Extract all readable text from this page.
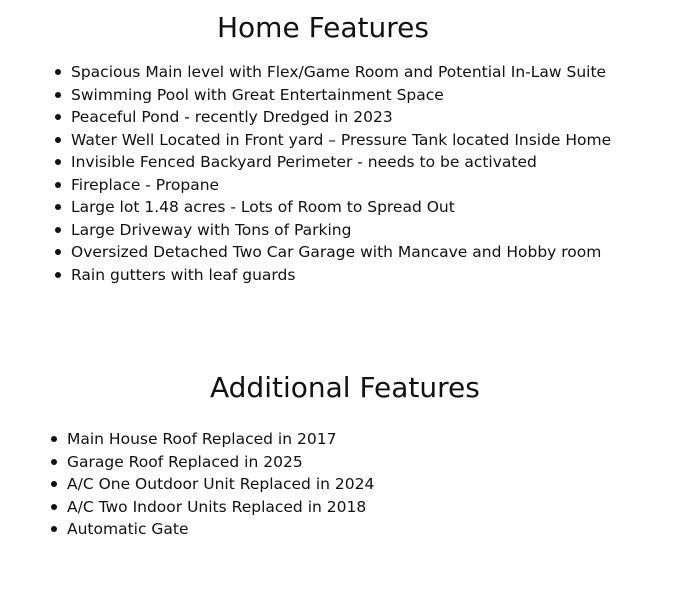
Home Features
Spacious Main level with Flex/Game Room and Potential In-Law Suite
Swimming Pool with Great Entertainment Space
Peaceful Pond - recently Dredged in 2023
Water Well Located in Front yard – Pressure Tank located Inside Home
Invisible Fenced Backyard Perimeter - needs to be activated
Fireplace - Propane
Large lot 1.48 acres - Lots of Room to Spread Out
Large Driveway with Tons of Parking
Oversized Detached Two Car Garage with Mancave and Hobby room
Rain gutters with leaf guards
Additional Features
Main House Roof Replaced in 2017
Garage Roof Replaced in 2025
A/C One Outdoor Unit Replaced in 2024
A/C Two Indoor Units Replaced in 2018
Automatic Gate
